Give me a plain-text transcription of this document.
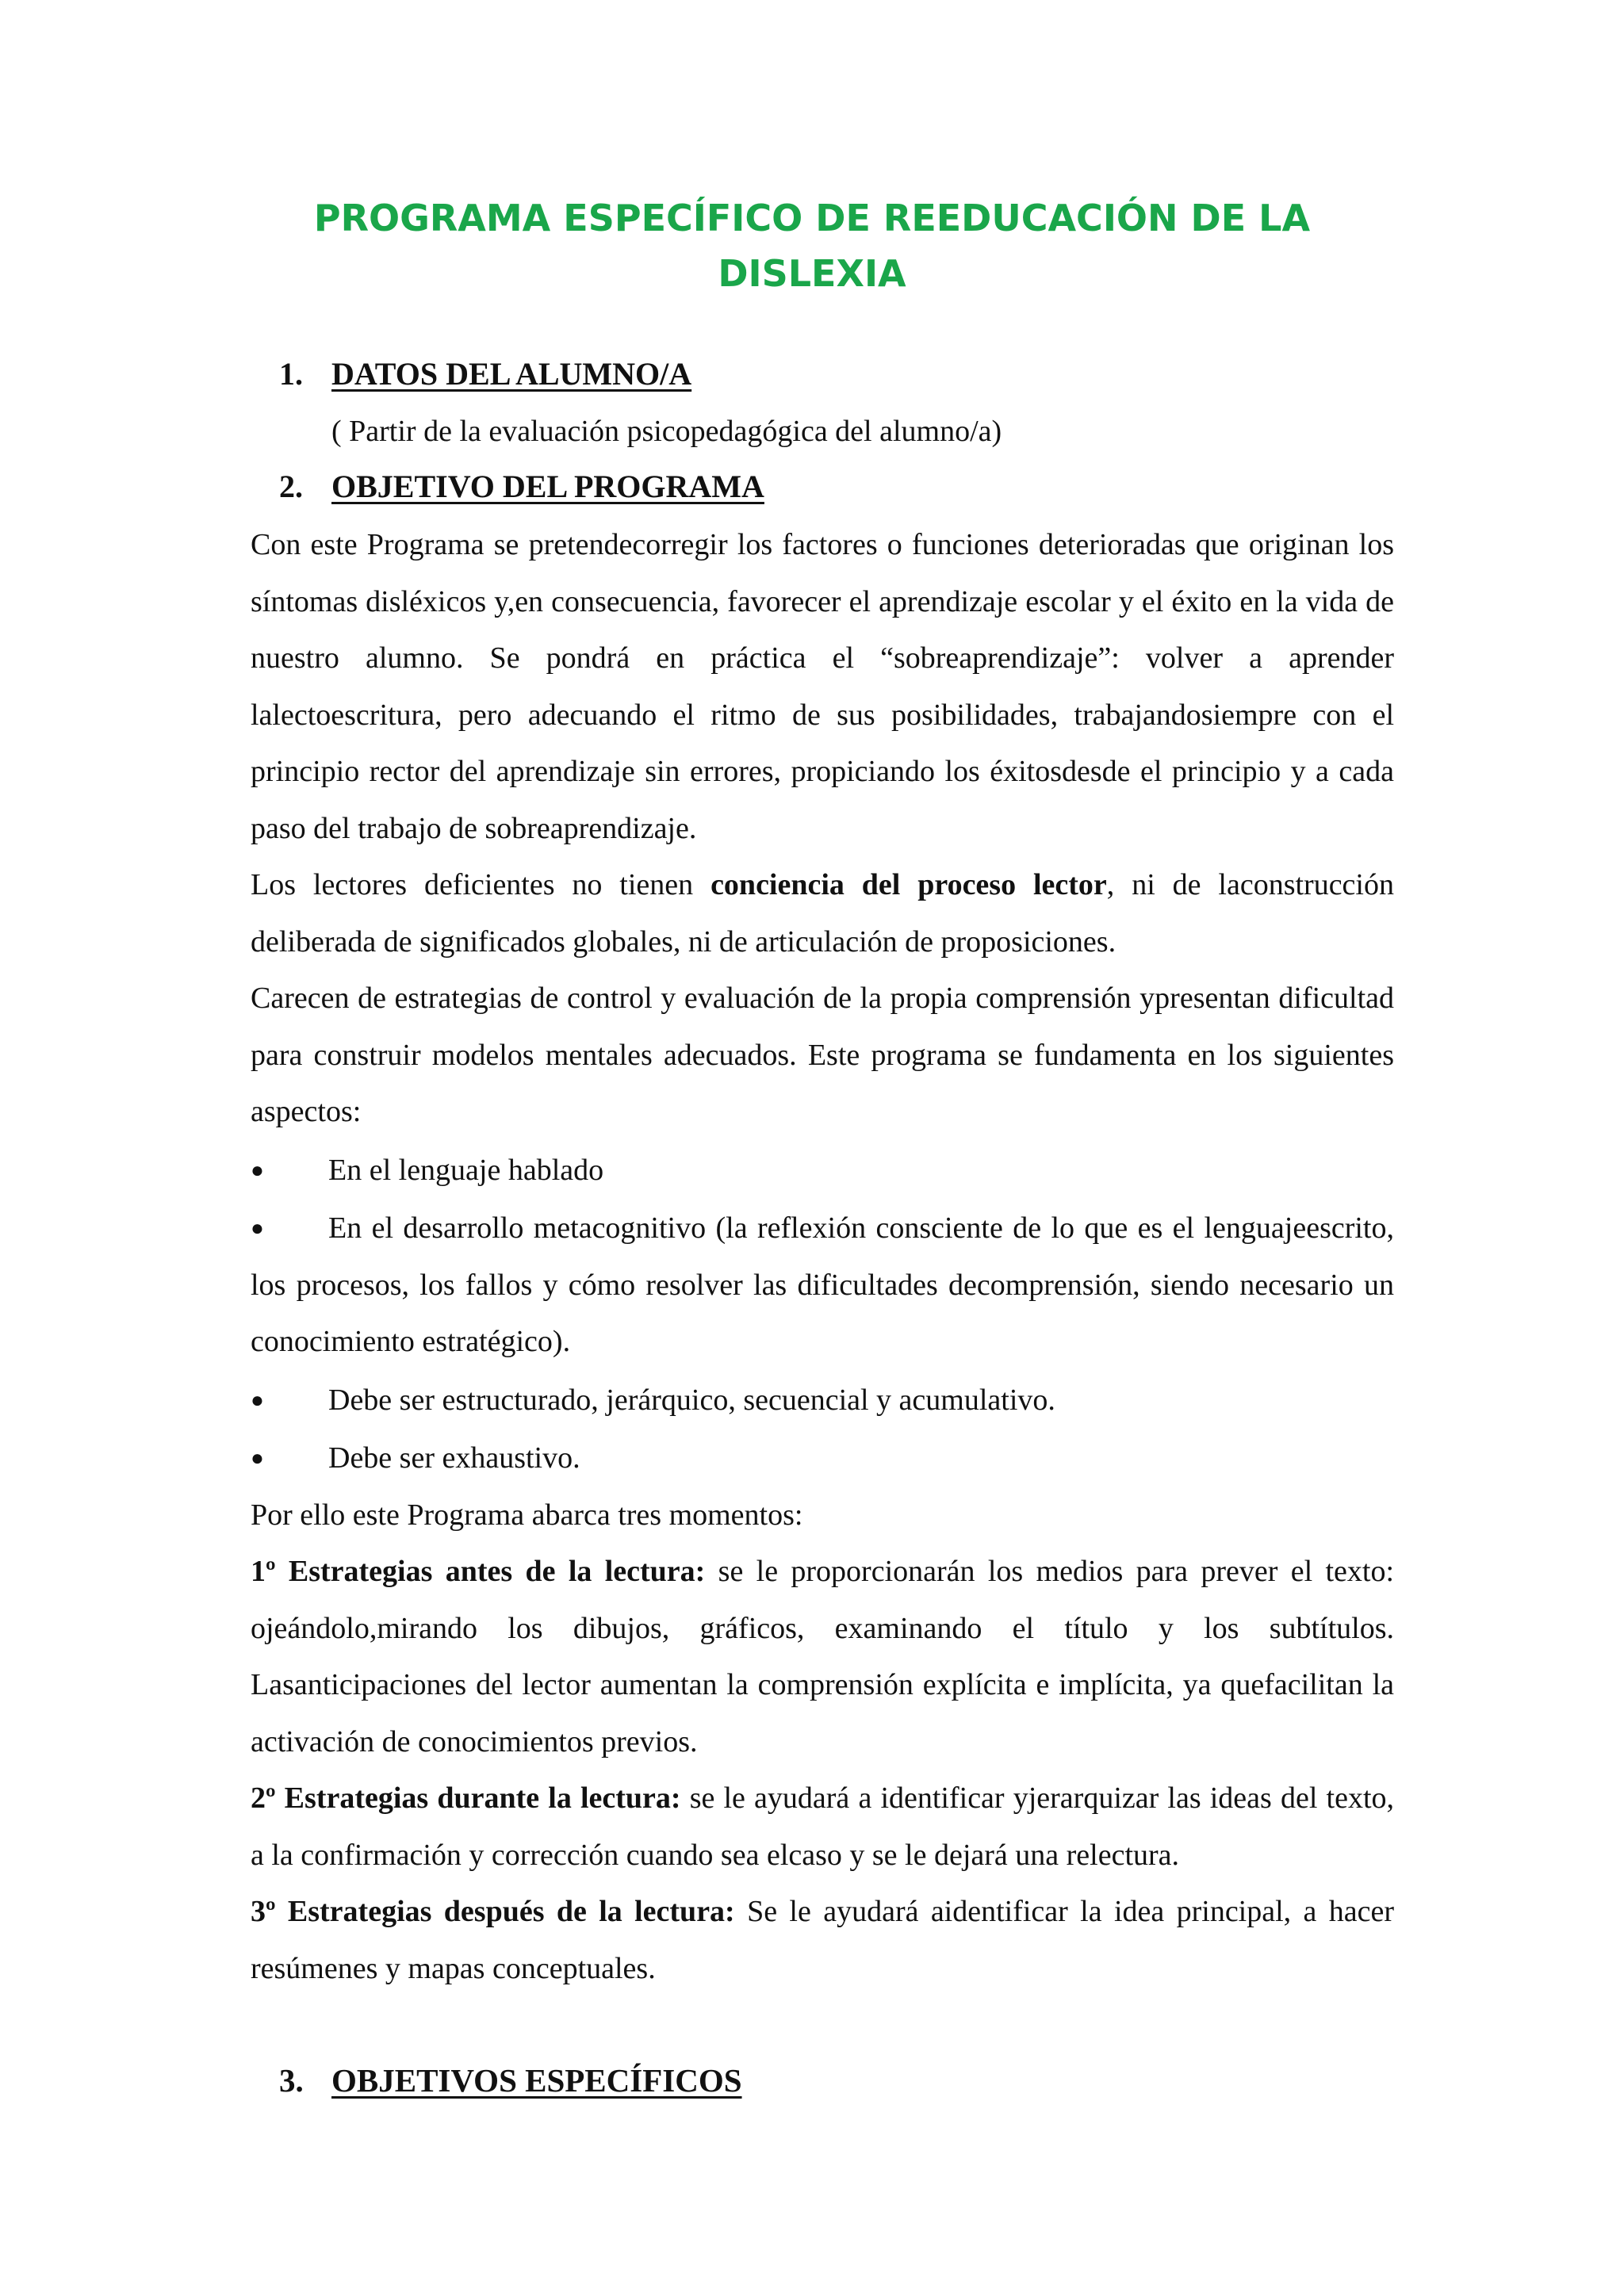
PROGRAMA ESPECÍFICO DE REEDUCACIÓN DE LA
DISLEXIA
1. DATOS DEL ALUMNO/A
( Partir de la evaluación psicopedagógica del alumno/a)
2. OBJETIVO DEL PROGRAMA

Con este Programa se pretendecorregir los factores o funciones deterioradas que originan los síntomas disléxicos y,en consecuencia, favorecer el aprendizaje escolar y el éxito en la vida de nuestro alumno. Se pondrá en práctica el “sobreaprendizaje”: volver a aprender lalectoescritura, pero adecuando el ritmo de sus posibilidades, trabajandosiempre con el principio rector del aprendizaje sin errores, propiciando los éxitosdesde el principio y a cada paso del trabajo de sobreaprendizaje.

Los lectores deficientes no tienen conciencia del proceso lector, ni de laconstrucción deliberada de significados globales, ni de articulación de proposiciones.

Carecen de estrategias de control y evaluación de la propia comprensión ypresentan dificultad para construir modelos mentales adecuados. Este programa se fundamenta en los siguientes aspectos:

●	En el lenguaje hablado
●	En el desarrollo metacognitivo (la reflexión consciente de lo que es el lenguajeescrito, los procesos, los fallos y cómo resolver las dificultades decomprensión, siendo necesario un conocimiento estratégico).
●	Debe ser estructurado, jerárquico, secuencial y acumulativo.
●	Debe ser exhaustivo.

Por ello este Programa abarca tres momentos:

1º Estrategias antes de la lectura: se le proporcionarán los medios para prever el texto: ojeándolo,mirando los dibujos, gráficos, examinando el título y los subtítulos. Lasanticipaciones del lector aumentan la comprensión explícita e implícita, ya quefacilitan la activación de conocimientos previos.

2º Estrategias durante la lectura: se le ayudará a identificar yjerarquizar las ideas del texto, a la confirmación y corrección cuando sea elcaso y se le dejará una relectura.

3º Estrategias después de la lectura: Se le ayudará aidentificar la idea principal, a hacer resúmenes y mapas conceptuales.

3. OBJETIVOS ESPECÍFICOS
